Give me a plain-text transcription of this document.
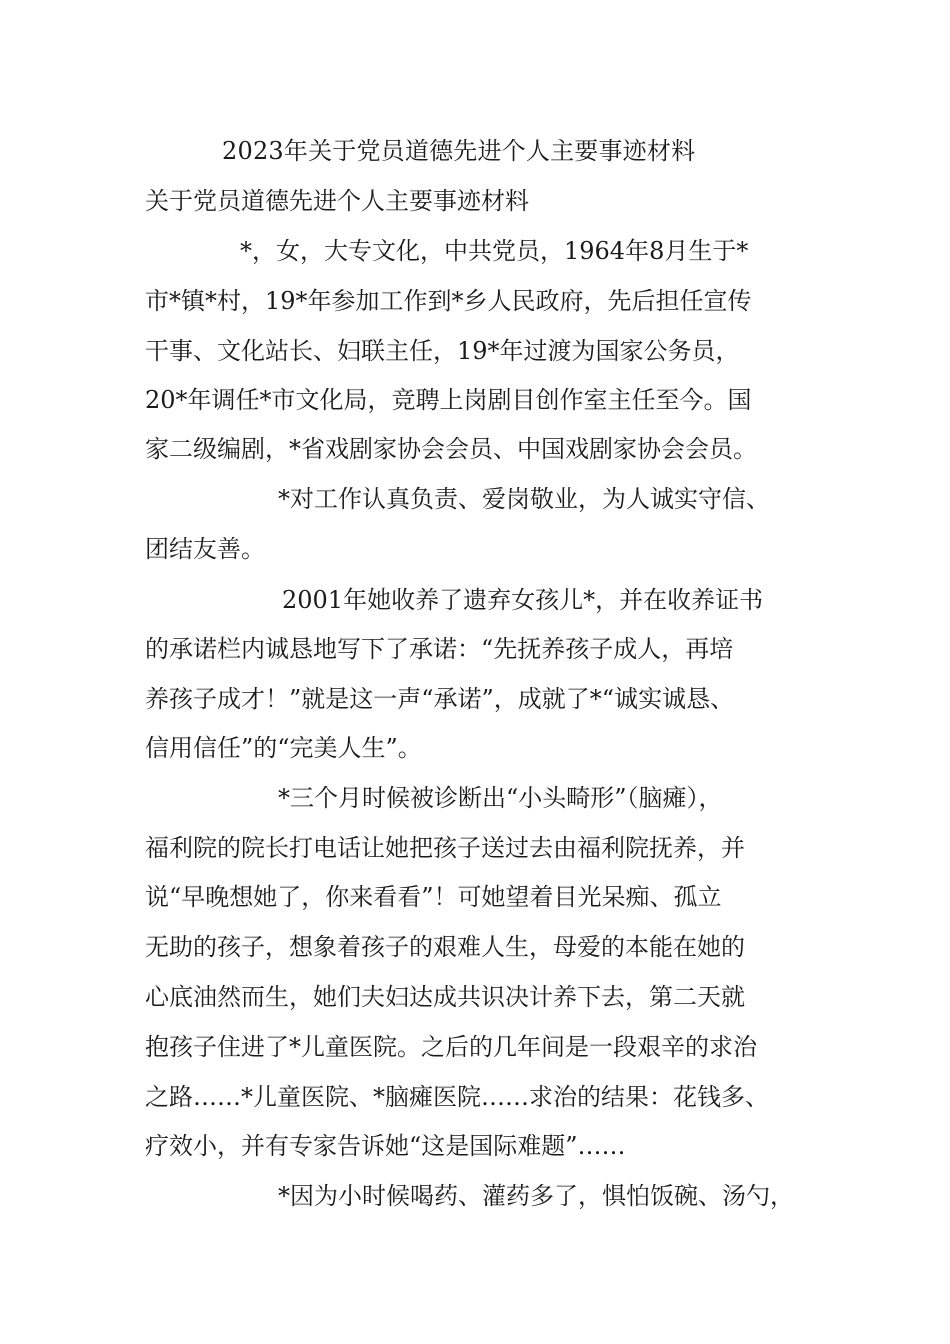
2023年关于党员道德先进个人主要事迹材料
关于党员道德先进个人主要事迹材料
*，女，大专文化，中共党员，1964年8月生于*
市*镇*村，19*年参加工作到*乡人民政府，先后担任宣传
干事、文化站长、妇联主任，19*年过渡为国家公务员，
20*年调任*市文化局，竞聘上岗剧目创作室主任至今。国
家二级编剧，*省戏剧家协会会员、中国戏剧家协会会员。
*对工作认真负责、爱岗敬业，为人诚实守信、
团结友善。
2001年她收养了遗弃女孩儿*，并在收养证书
的承诺栏内诚恳地写下了承诺：“先抚养孩子成人，再培
养孩子成才！”就是这一声“承诺”，成就了*“诚实诚恳、
信用信任”的“完美人生”。
*三个月时候被诊断出“小头畸形”（脑瘫），
福利院的院长打电话让她把孩子送过去由福利院抚养，并
说“早晚想她了，你来看看”！可她望着目光呆痴、孤立
无助的孩子，想象着孩子的艰难人生，母爱的本能在她的
心底油然而生，她们夫妇达成共识决计养下去，第二天就
抱孩子住进了*儿童医院。之后的几年间是一段艰辛的求治
之路……*儿童医院、*脑瘫医院……求治的结果：花钱多、
疗效小，并有专家告诉她“这是国际难题”……
*因为小时候喝药、灌药多了，惧怕饭碗、汤勺，
